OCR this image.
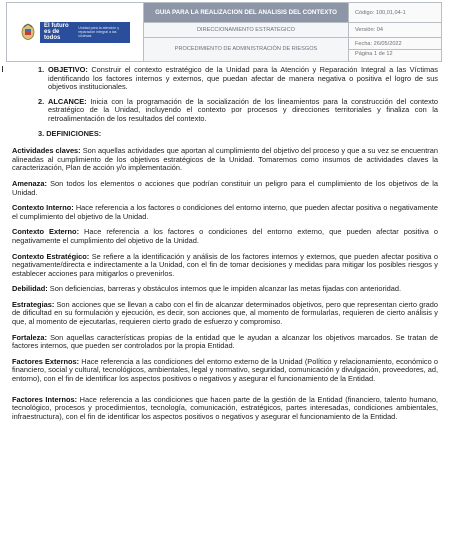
El futuro es de todos
Unidad para la atención y reparación integral a las víctimas	GUIA PARA LA REALIZACION DEL ANALISIS DEL CONTEXTO	Código: 100,01,04-1
	DIRECCIONAMIENTO ESTRATEGICO	Versión: 04
	PROCEDIMIENTO DE ADMINISTRACIÓN DE RIESGOS	Fecha: 26/05/2022
Página 1 de 12
1. OBJETIVO: Construir el contexto estratégico de la Unidad para la Atención y Reparación Integral a las Víctimas identificando los factores internos y externos, que puedan afectar de manera negativa o positiva el logro de sus objetivos institucionales.
2. ALCANCE: Inicia con la programación de la socialización de los lineamientos para la construcción del contexto estratégico de la Unidad, incluyendo el contexto por procesos y direcciones territoriales y finaliza con la retroalimentación de los resultados del contexto.
3. DEFINICIONES:
Actividades claves: Son aquellas actividades que aportan al cumplimiento del objetivo del proceso y que a su vez se encuentran alineadas al cumplimiento de los objetivos estratégicos de la Unidad. Tomaremos como insumos de actividades claves la caracterización, Plan de acción y/o implementación.
Amenaza: Son todos los elementos o acciones que podrían constituir un peligro para el cumplimiento de los objetivos de la Unidad.
Contexto Interno: Hace referencia a los factores o condiciones del entorno interno, que pueden afectar positiva o negativamente el cumplimiento del objetivo de la Unidad.
Contexto Externo: Hace referencia a los factores o condiciones del entorno externo, que pueden afectar positiva o negativamente el cumplimiento del objetivo de la Unidad.
Contexto Estratégico: Se refiere a la identificación y análisis de los factores internos y externos, que pueden afectar positiva o negativamente/directa e indirectamente a la Unidad, con el fin de tomar decisiones y medidas para mitigar los posibles riesgos y establecer acciones para mitigarlos o prevenirlos.
Debilidad: Son deficiencias, barreras y obstáculos internos que le impiden alcanzar las metas fijadas con anterioridad.
Estrategias: Son acciones que se llevan a cabo con el fin de alcanzar determinados objetivos, pero que representan cierto grado de dificultad en su formulación y ejecución, es decir, son acciones que, al momento de formularlas, requieren de cierto análisis y que, al momento de ejecutarlas, requieren cierto grado de esfuerzo y compromiso.
Fortaleza: Son aquellas características propias de la entidad que le ayudan a alcanzar los objetivos marcados. Se tratan de factores internos, que pueden ser controlados por la propia Entidad.
Factores Externos: Hace referencia a las condiciones del entorno externo de la Unidad (Político y relacionamiento, económico o financiero, social y cultural, tecnológicos, ambientales, legal y normativo, seguridad, comunicación y divulgación, proveedores, ad, entorno), con el fin de identificar los aspectos positivos o negativos y asegurar el funcionamiento de la Entidad.
Factores Internos: Hace referencia a las condiciones que hacen parte de la gestión de la Entidad (financiero, talento humano, tecnológico, procesos y procedimientos, tecnología, comunicación, estratégicos, partes interesadas, condiciones ambientales, infraestructura), con el fin de identificar los aspectos positivos o negativos y asegurar el funcionamiento de la Entidad.
